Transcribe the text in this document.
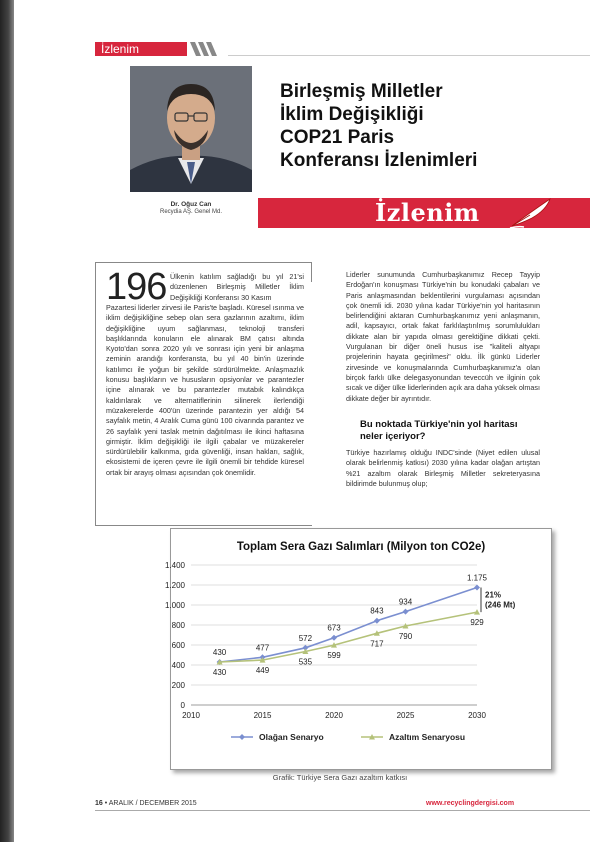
İzlenim
Birleşmiş Milletler
İklim Değişikliği
COP21 Paris
Konferansı İzlenimleri
Dr. Oğuz Can
Recydia AŞ. Genel Md.	İzlenim
196 Ülkenin katılım sağladığı bu yıl 21'si düzenlenen Birleşmiş Milletler İklim Değişikliği Konferansı 30 Kasım
Pazartesi liderler zirvesi ile Paris'te başladı. Küresel ısınma ve iklim değişikliğine sebep olan sera gazlarının azaltımı, iklim değişikliğine uyum sağlanması, teknoloji transferi başlıklarında konuların ele alınarak BM çatısı altında Kyoto'dan sonra 2020 yılı ve sonrası için yeni bir anlaşma zeminin arandığı konferansta, bu yıl 40 bin'in üzerinde katılımcı ile yoğun bir şekilde sürdürülmekte. Anlaşmazlık konusu başlıkların ve hususların opsiyonlar ve parantezler içine alınarak ve bu parantezler mutabık kalındıkça kaldırılarak ve alternatiflerinin silinerek ilerlendiği müzakerelerde 400'ün üzerinde parantezin yer aldığı 54 sayfalık metin, 4 Aralık Cuma günü 100 civarında parantez ve 26 sayfalık yeni taslak metnin dağıtılması ile ikinci haftasına girmiştir. İklim değişikliği ile ilgili çabalar ve müzakereler sürdürülebilir kalkınma, gıda güvenliği, insan hakları, sağlık, ekosistemi de içeren çevre ile ilgili önemli bir tehdide küresel ortak bir arayış olması açısından çok önemlidir.
Liderler sunumunda Cumhurbaşkanımız Recep Tayyip Erdoğan'ın konuşması Türkiye'nin bu konudaki çabaları ve Paris anlaşmasından beklentilerini vurgulaması açısından çok önemli idi. 2030 yılına kadar Türkiye'nin yol haritasının belirlendiğini aktaran Cumhurbaşkanımız yeni anlaşmanın, adil, kapsayıcı, ortak fakat farklılaştırılmış sorumlulukları dikkate alan bir yapıda olması gerektiğine dikkati çekti. Vurgulanan bir diğer öneli husus ise "kaliteli altyapı projelerinin hayata geçirilmesi" oldu. İlk günkü Liderler zirvesinde ve konuşmalarında Cumhurbaşkanımız'a olan birçok farklı ülke delegasyonundan teveccüh ve ilginin çok sıcak ve diğer ülke liderlerinden açık ara daha yüksek olması dikkate değer bir ayrıntıdır.
Bu noktada Türkiye'nin yol haritası neler içeriyor?
Türkiye hazırlamış olduğu INDC'sinde (Niyet edilen ulusal olarak belirlenmiş katkısı) 2030 yılına kadar olağan artıştan %21 azaltım olarak Birleşmiş Milletler sekreteryasına bildirimde bulunmuş olup;
Toplam Sera Gazı Salımları (Milyon ton CO2e)
0
200
400
600
800
1.000
1.200
1.400
2010	2015	2020	2025	2030
430
477
572
673
843
934
1.175
Olağan Senaryo
430	449
535
599
717
790
929
Azaltım Senaryosu
21%
(246 Mt)
Grafik: Türkiye Sera Gazı azaltım katkısı
16 • ARALIK / DECEMBER 2015	www.recyclingdergisi.com
